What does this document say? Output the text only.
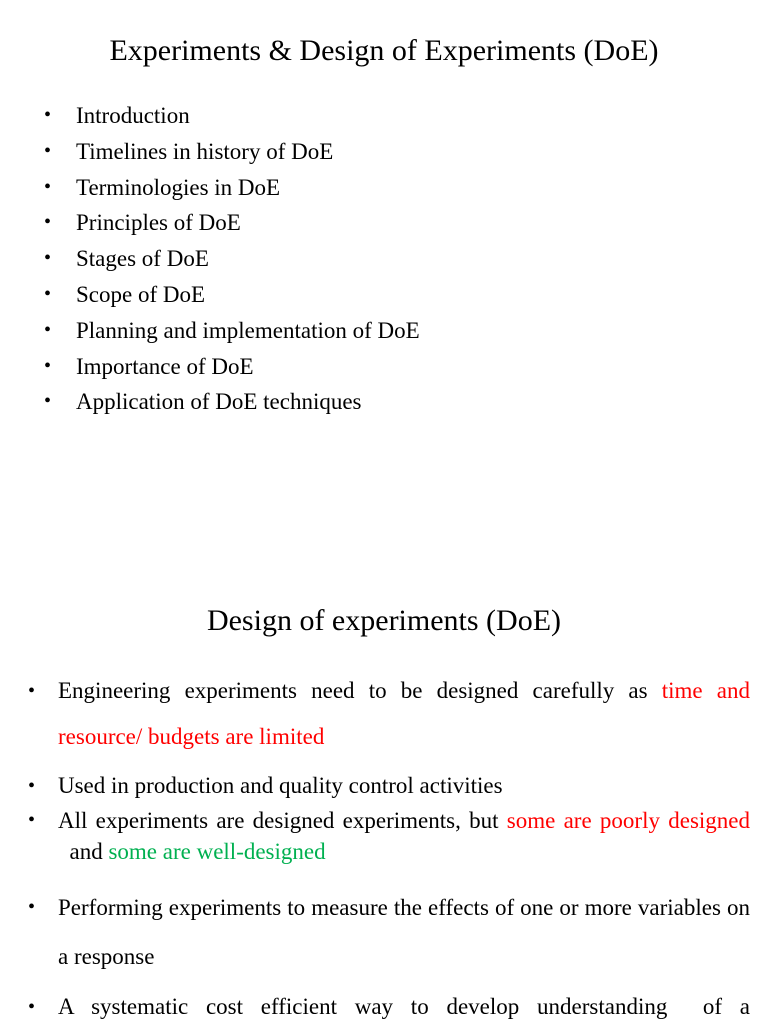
Experiments & Design of Experiments (DoE)
• Introduction
• Timelines in history of DoE
• Terminologies in DoE
• Principles of DoE
• Stages of DoE
• Scope of DoE
• Planning and implementation of DoE
• Importance of DoE
• Application of DoE techniques
Design of experiments (DoE)
• Engineering experiments need to be designed carefully as time and resource/ budgets are limited
• Used in production and quality control activities
• All experiments are designed experiments, but some are poorly designed  and some are well-designed
• Performing experiments to measure the effects of one or more variables on a response
• A systematic cost efficient way to develop understanding  of a
